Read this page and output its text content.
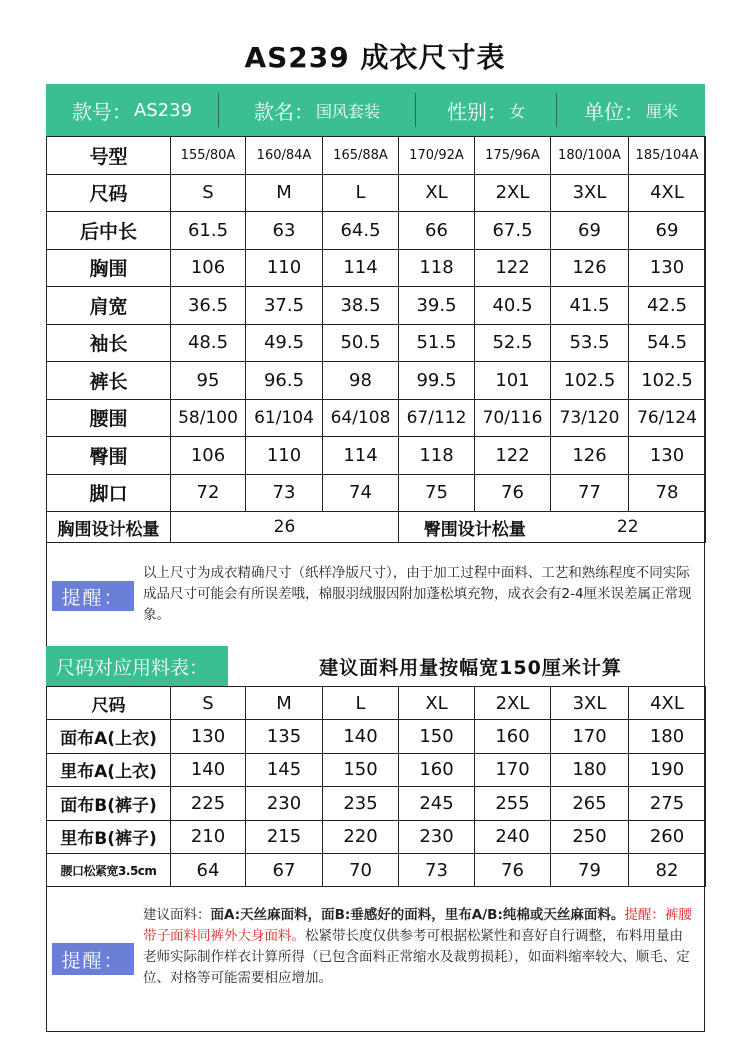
AS239 成衣尺寸表
款号： AS239	款名： 国风套装	性别： 女	单位： 厘米
号型	155/80A	160/84A	165/88A	170/92A	175/96A	180/100A	185/104A
尺码	S	M	L	XL	2XL	3XL	4XL
后中长	61.5	63	64.5	66	67.5	69	69
胸围	106	110	114	118	122	126	130
肩宽	36.5	37.5	38.5	39.5	40.5	41.5	42.5
袖长	48.5	49.5	50.5	51.5	52.5	53.5	54.5
裤长	95	96.5	98	99.5	101	102.5	102.5
腰围	58/100	61/104	64/108	67/112	70/116	73/120	76/124
臀围	106	110	114	118	122	126	130
脚口	72	73	74	75	76	77	78
胸围设计松量	26			臀围设计松量		22	
提醒：
以上尺寸为成衣精确尺寸（纸样净版尺寸），由于加工过程中面料、工艺和熟练程度不同实际成品尺寸可能会有所误差哦，棉服羽绒服因附加蓬松填充物，成衣会有2-4厘米误差属正常现象。
尺码对应用料表：	建议面料用量按幅宽150厘米计算
尺码	S	M	L	XL	2XL	3XL	4XL
面布A(上衣)	130	135	140	150	160	170	180
里布A(上衣)	140	145	150	160	170	180	190
面布B(裤子)	225	230	235	245	255	265	275
里布B(裤子)	210	215	220	230	240	250	260
腰口松紧宽3.5cm	64	67	70	73	76	79	82
提醒：
建议面料：面A:天丝麻面料，面B:垂感好的面料，里布A/B:纯棉或天丝麻面料。提醒：裤腰带子面料同裤外大身面料。松紧带长度仅供参考可根据松紧性和喜好自行调整，布料用量由老师实际制作样衣计算所得（已包含面料正常缩水及裁剪损耗），如面料缩率较大、顺毛、定位、对格等可能需要相应增加。
